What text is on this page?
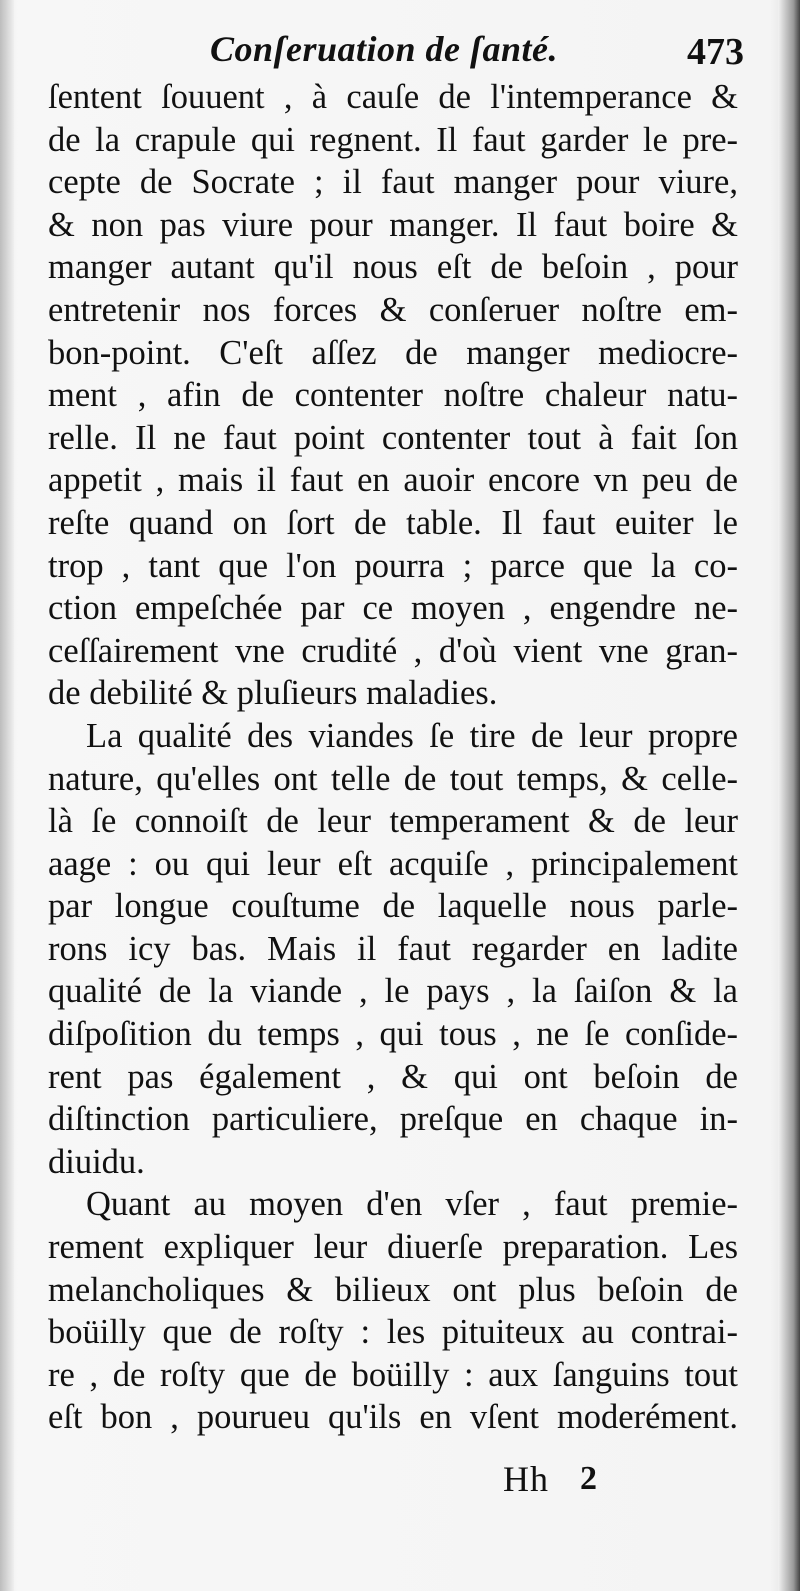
Conſeruation de ſanté.	473
ſentent ſouuent , à cauſe de l'intemperance &
de la crapule qui regnent. Il faut garder le pre-
cepte de Socrate ; il faut manger pour viure,
& non pas viure pour manger. Il faut boire &
manger autant qu'il nous eſt de beſoin , pour
entretenir nos forces & conſeruer noſtre em-
bon-point. C'eſt aſſez de manger mediocre-
ment , afin de contenter noſtre chaleur natu-
relle. Il ne faut point contenter tout à fait ſon
appetit , mais il faut en auoir encore vn peu de
reſte quand on ſort de table. Il faut euiter le
trop , tant que l'on pourra ; parce que la co-
ction empeſchée par ce moyen , engendre ne-
ceſſairement vne crudité , d'où vient vne gran-
de debilité & pluſieurs maladies.
La qualité des viandes ſe tire de leur propre
nature, qu'elles ont telle de tout temps, & celle-
là ſe connoiſt de leur temperament & de leur
aage : ou qui leur eſt acquiſe , principalement
par longue couſtume de laquelle nous parle-
rons icy bas. Mais il faut regarder en ladite
qualité de la viande , le pays , la ſaiſon & la
diſpoſition du temps , qui tous , ne ſe conſide-
rent pas également , & qui ont beſoin de
diſtinction particuliere, preſque en chaque in-
diuidu.
Quant au moyen d'en vſer , faut premie-
rement expliquer leur diuerſe preparation. Les
melancholiques & bilieux ont plus beſoin de
boüilly que de roſty : les pituiteux au contrai-
re , de roſty que de boüilly : aux ſanguins tout
eſt bon , pourueu qu'ils en vſent moderément.
Hh 2
